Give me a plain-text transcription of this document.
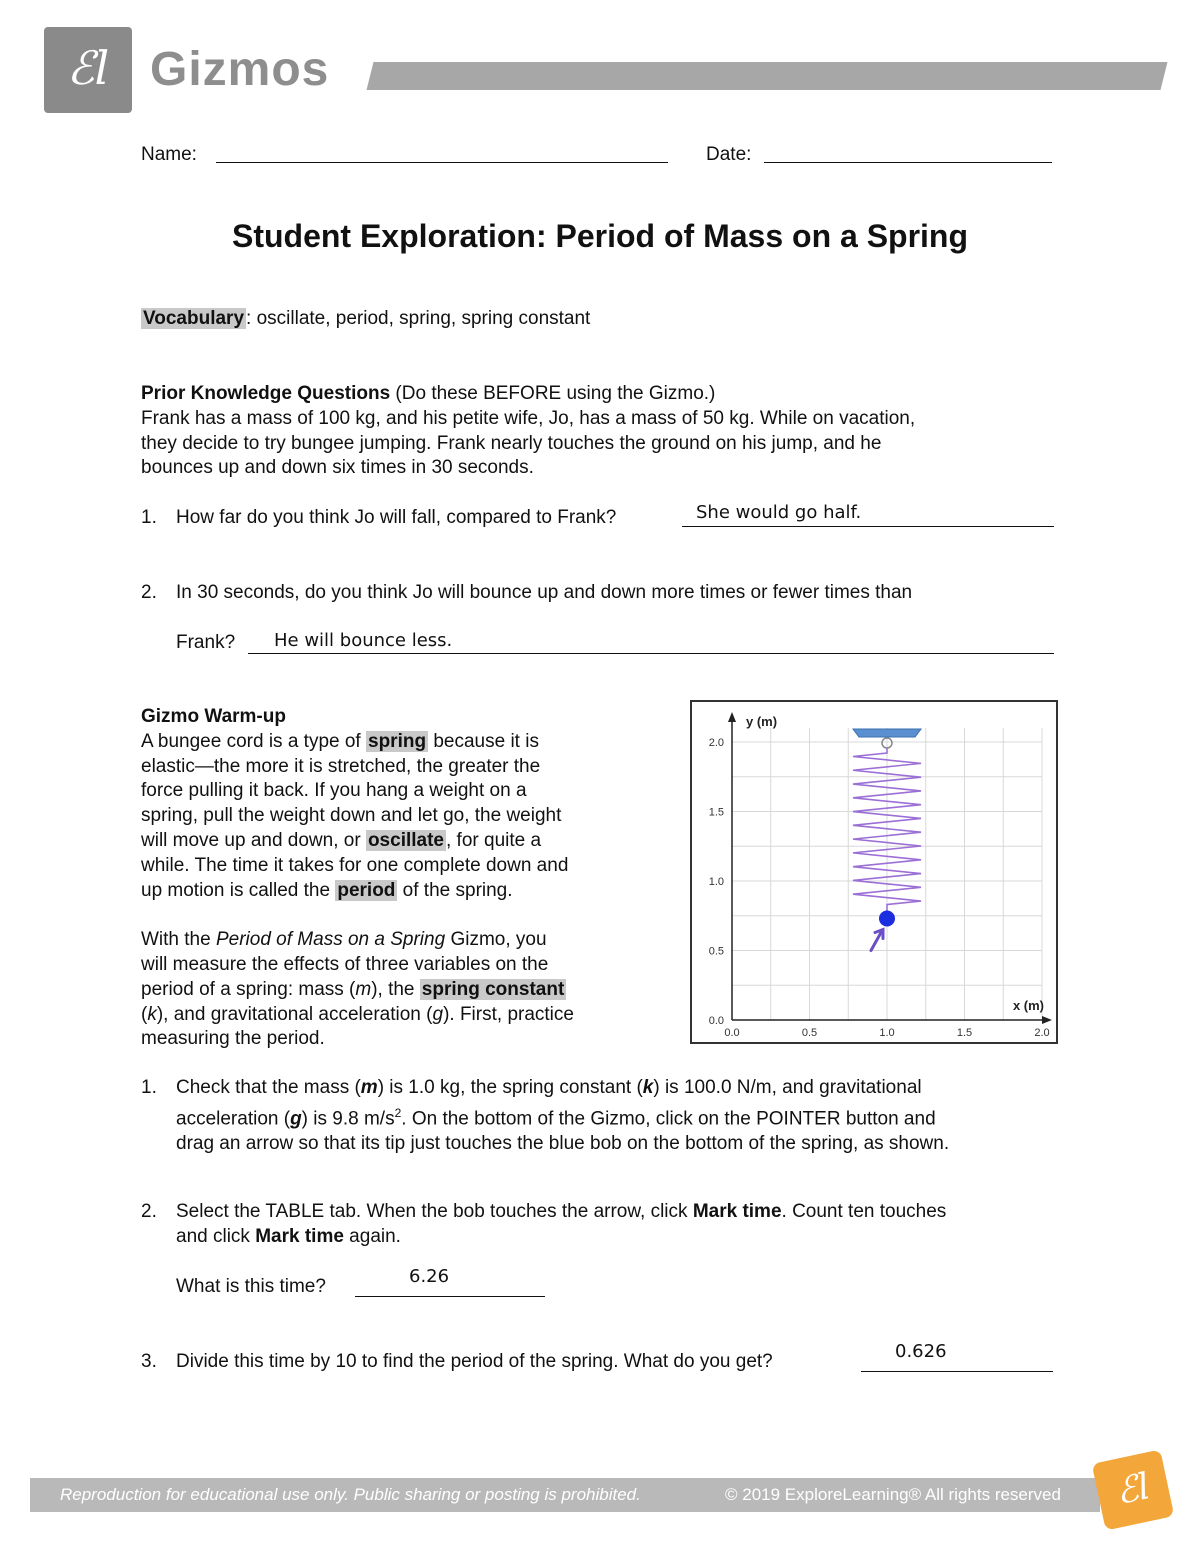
ℰl Gizmos
Name:	Date:
Student Exploration: Period of Mass on a Spring
Vocabulary : oscillate, period, spring, spring constant
Prior Knowledge Questions (Do these BEFORE using the Gizmo.)
Frank has a mass of 100 kg, and his petite wife, Jo, has a mass of 50 kg. While on vacation,
they decide to try bungee jumping. Frank nearly touches the ground on his jump, and he
bounces up and down six times in 30 seconds.
1.	How far do you think Jo will fall, compared to Frank?	She would go half.
2.	In 30 seconds, do you think Jo will bounce up and down more times or fewer times than
Frank? He will bounce less.
Gizmo Warm-up
A bungee cord is a type of spring because it is
elastic—the more it is stretched, the greater the
force pulling it back. If you hang a weight on a
spring, pull the weight down and let go, the weight
will move up and down, or oscillate , for quite a
while. The time it takes for one complete down and
up motion is called the period of the spring.
With the Period of Mass on a Spring Gizmo, you
will measure the effects of three variables on the
period of a spring: mass (m), the spring constant
(k), and gravitational acceleration (g). First, practice
measuring the period.	0.0	0.5	1.0	1.5	2.0
0.0
0.5
1.0
1.5
2.0
y (m)
x (m)
1. Check that the mass (m) is 1.0 kg, the spring constant (k) is 100.0 N/m, and gravitational
acceleration (g) is 9.8 $m/s^2$. On the bottom of the Gizmo, click on the POINTER button and
drag an arrow so that its tip just touches the blue bob on the bottom of the spring, as shown.
2. Select the TABLE tab. When the bob touches the arrow, click Mark time. Count ten touches
and click Mark time again.
What is this time?	6.26
3.	Divide this time by 10 to find the period of the spring. What do you get?	0.626
Reproduction for educational use only. Public sharing or posting is prohibited.	© 2019 ExploreLearning® All rights reserved	ℰl
